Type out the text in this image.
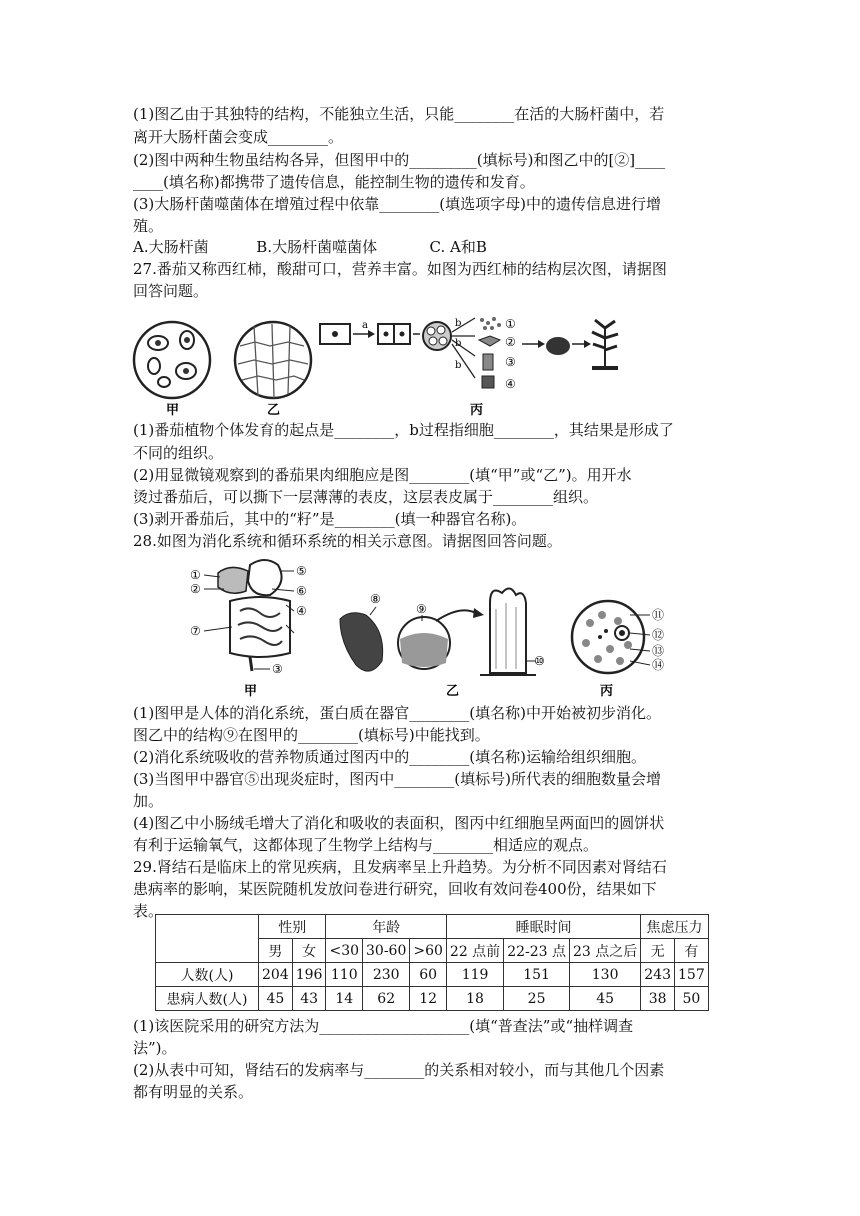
(1)图乙由于其独特的结构，不能独立生活，只能________在活的大肠杆菌中，若
离开大肠杆菌会变成________。
(2)图中两种生物虽结构各异，但图甲中的_________(填标号)和图乙中的[②]____
____(填名称)都携带了遗传信息，能控制生物的遗传和发育。
(3)大肠杆菌噬菌体在增殖过程中依靠________(填选项字母)中的遗传信息进行增
殖。
A.大肠杆菌          B.大肠杆菌噬菌体           C. A和B
27.番茄又称西红柿，酸甜可口，营养丰富。如图为西红柿的结构层次图，请据图
回答问题。
a	b
b
b
①
②
③
④
甲	乙	丙
(1)番茄植物个体发育的起点是________，b过程指细胞________，其结果是形成了
不同的组织。
(2)用显微镜观察到的番茄果肉细胞应是图________(填“甲”或“乙”)。用开水
烫过番茄后，可以撕下一层薄薄的表皮，这层表皮属于________组织。
(3)剥开番茄后，其中的“籽”是________(填一种器官名称)。
28.如图为消化系统和循环系统的相关示意图。请据图回答问题。
①
②
⑦
⑤
⑥
④
③
⑧
⑨
⑩
⑪
⑫
⑬
⑭
甲	乙	丙
(1)图甲是人体的消化系统，蛋白质在器官________(填名称)中开始被初步消化。
图乙中的结构⑨在图甲的________(填标号)中能找到。
(2)消化系统吸收的营养物质通过图丙中的________(填名称)运输给组织细胞。
(3)当图甲中器官⑤出现炎症时，图丙中________(填标号)所代表的细胞数量会增
加。
(4)图乙中小肠绒毛增大了消化和吸收的表面积，图丙中红细胞呈两面凹的圆饼状
有利于运输氧气，这都体现了生物学上结构与________相适应的观点。
29.肾结石是临床上的常见疾病，且发病率呈上升趋势。为分析不同因素对肾结石
患病率的影响，某医院随机发放问卷进行研究，回收有效问卷400份，结果如下
表。
	性别		年龄			睡眠时间			焦虑压力	
	男	女	<30	30-60	>60	22 点前	22-23 点	23 点之后	无	有
人数(人)	204	196	110	230	60	119	151	130	243	157
患病人数(人)	45	43	14	62	12	18	25	45	38	50
(1)该医院采用的研究方法为____________________(填“普查法”或“抽样调查
法”)。
(2)从表中可知，肾结石的发病率与________的关系相对较小，而与其他几个因素
都有明显的关系。
